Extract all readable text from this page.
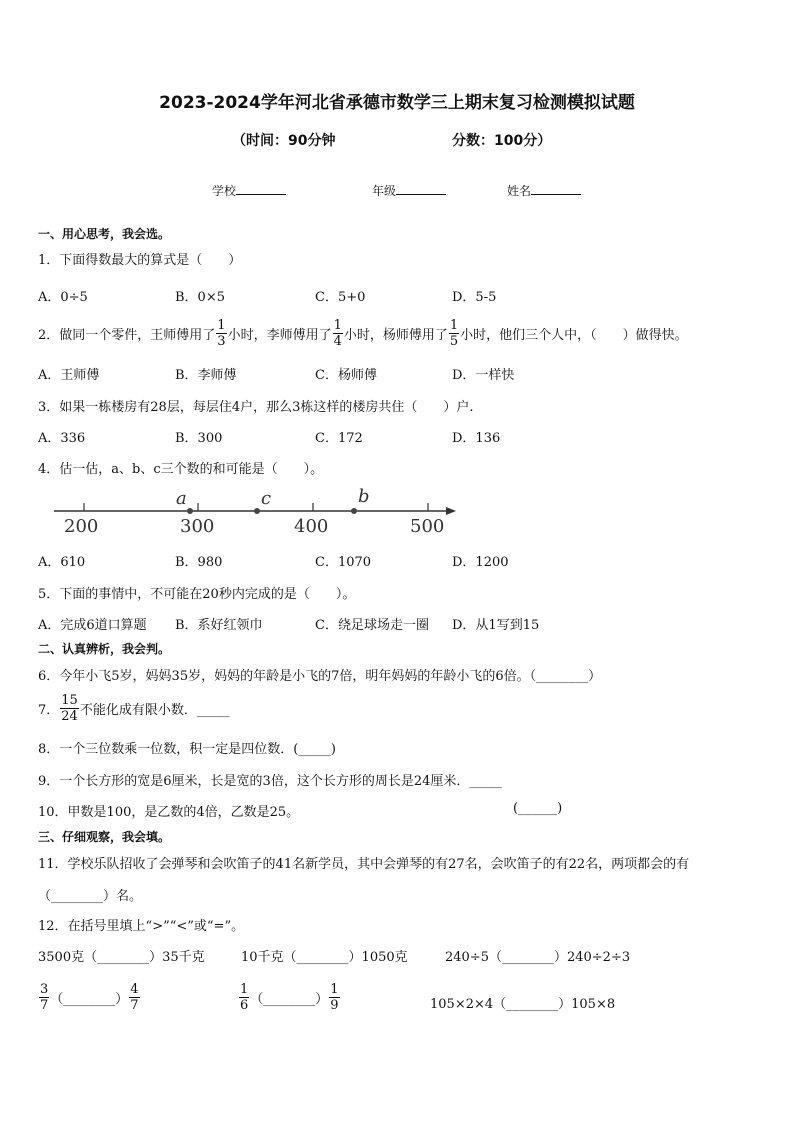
2023-2024学年河北省承德市数学三上期末复习检测模拟试题
（时间：90分钟	分数：100分）
学校	年级	姓名
一、用心思考，我会选。
1．下面得数最大的算式是（　　）
A．0÷5	B．0×5	C．5+0	D．5-5
2．做同一个零件，王师傅用了 $\frac{1}{3}$ 小时，李师傅用了 $\frac{1}{4}$ 小时，杨师傅用了 $\frac{1}{5}$ 小时，他们三个人中，（　　）做得快。
A．王师傅	B．李师傅	C．杨师傅	D．一样快
3．如果一栋楼房有28层，每层住4户，那么3栋这样的楼房共住（　　）户.
A．336	B．300	C．172	D．136
4．估一估，a、b、c三个数的和可能是（　　）。
a	c	b
200	300	400	500
A．610	B．980	C．1070	D．1200
5．下面的事情中，不可能在20秒内完成的是（　　）。
A．完成6道口算题 B．系好红领巾	C．绕足球场走一圈 D．从1写到15
二、认真辨析，我会判。
6．今年小飞5岁，妈妈35岁，妈妈的年龄是小飞的7倍，明年妈妈的年龄小飞的6倍。（________）
7． $\frac{15}{24}$ 不能化成有限小数．_____
8．一个三位数乘一位数，积一定是四位数．(_____)
9．一个长方形的宽是6厘米，长是宽的3倍，这个长方形的周长是24厘米．_____
10．甲数是100，是乙数的4倍，乙数是25。	(______)
三、仔细观察，我会填。
11．学校乐队招收了会弹琴和会吹笛子的41名新学员，其中会弹琴的有27名，会吹笛子的有22名，两项都会的有
（________）名。
12．在括号里填上“>”“<”或“=”。
3500克（________）35千克	10千克（________）1050克	240÷5（________）240÷2÷3
$\frac{3}{7}$ （________） $\frac{4}{7}$	$\frac{1}{6}$ （________） $\frac{1}{9}$	105×2×4（________）105×8
